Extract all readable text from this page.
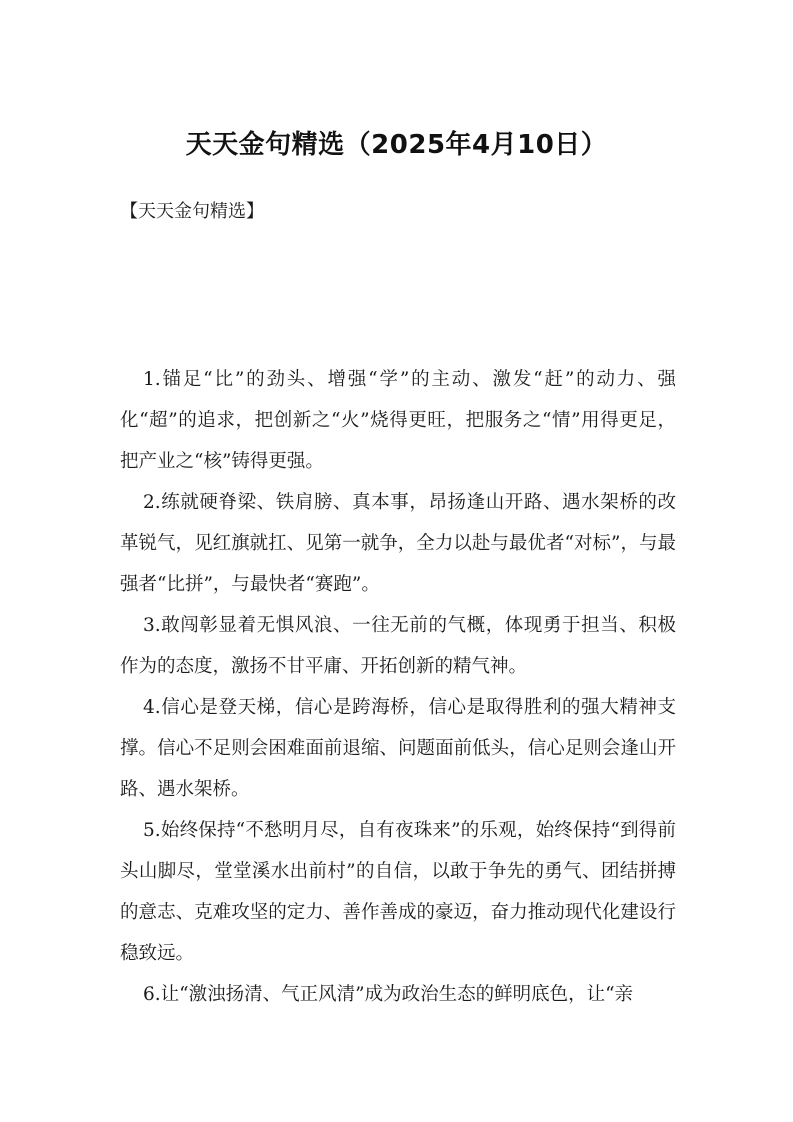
天天金句精选（2025年4月10日）
【天天金句精选】

1.锚足“比”的劲头、增强“学”的主动、激发“赶”的动力、强化“超”的追求，把创新之“火”烧得更旺，把服务之“情”用得更足，把产业之“核”铸得更强。

2.练就硬脊梁、铁肩膀、真本事，昂扬逢山开路、遇水架桥的改革锐气，见红旗就扛、见第一就争，全力以赴与最优者“对标”，与最强者“比拼”，与最快者“赛跑”。

3.敢闯彰显着无惧风浪、一往无前的气概，体现勇于担当、积极作为的态度，激扬不甘平庸、开拓创新的精气神。

4.信心是登天梯，信心是跨海桥，信心是取得胜利的强大精神支撑。信心不足则会困难面前退缩、问题面前低头，信心足则会逢山开路、遇水架桥。

5.始终保持“不愁明月尽，自有夜珠来”的乐观，始终保持“到得前头山脚尽，堂堂溪水出前村”的自信，以敢于争先的勇气、团结拼搏的意志、克难攻坚的定力、善作善成的豪迈，奋力推动现代化建设行稳致远。

6.让“激浊扬清、气正风清”成为政治生态的鲜明底色，让“亲
